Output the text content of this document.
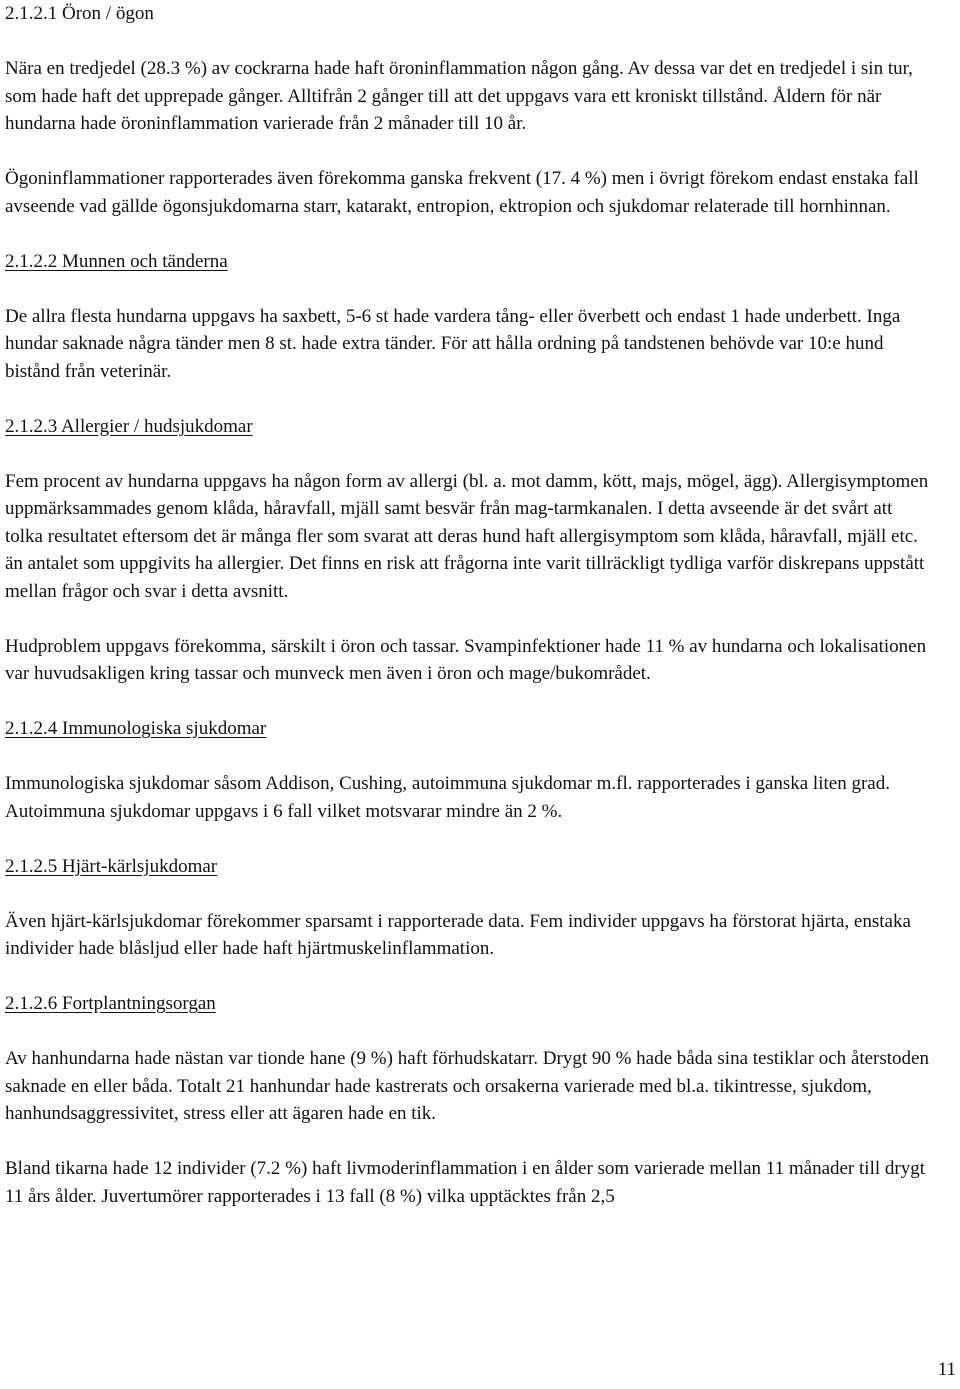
2.1.2.1 Öron / ögon

Nära en tredjedel (28.3 %) av cockrarna hade haft öroninflammation någon gång. Av dessa var det en tredjedel i sin tur, som hade haft det upprepade gånger. Alltifrån 2 gånger till att det uppgavs vara ett kroniskt tillstånd. Åldern för när hundarna hade öroninflammation varierade från 2 månader till 10 år.

Ögoninflammationer rapporterades även förekomma ganska frekvent (17. 4 %) men i övrigt förekom endast enstaka fall avseende vad gällde ögonsjukdomarna starr, katarakt, entropion, ektropion och sjukdomar relaterade till hornhinnan.

2.1.2.2 Munnen och tänderna

De allra flesta hundarna uppgavs ha saxbett, 5-6 st hade vardera tång- eller överbett och endast 1 hade underbett. Inga hundar saknade några tänder men 8 st. hade extra tänder. För att hålla ordning på tandstenen behövde var 10:e hund bistånd från veterinär.

2.1.2.3 Allergier / hudsjukdomar

Fem procent av hundarna uppgavs ha någon form av allergi (bl. a. mot damm, kött, majs, mögel, ägg). Allergisymptomen uppmärksammades genom klåda, håravfall, mjäll samt besvär från mag-tarmkanalen. I detta avseende är det svårt att tolka resultatet eftersom det är många fler som svarat att deras hund haft allergisymptom som klåda, håravfall, mjäll etc. än antalet som uppgivits ha allergier. Det finns en risk att frågorna inte varit tillräckligt tydliga varför diskrepans uppstått mellan frågor och svar i detta avsnitt.

Hudproblem uppgavs förekomma, särskilt i öron och tassar. Svampinfektioner hade 11 % av hundarna och lokalisationen var huvudsakligen kring tassar och munveck men även i öron och mage/bukområdet.

2.1.2.4 Immunologiska sjukdomar

Immunologiska sjukdomar såsom Addison, Cushing, autoimmuna sjukdomar m.fl. rapporterades i ganska liten grad. Autoimmuna sjukdomar uppgavs i 6 fall vilket motsvarar mindre än 2 %.

2.1.2.5 Hjärt-kärlsjukdomar

Även hjärt-kärlsjukdomar förekommer sparsamt i rapporterade data. Fem individer uppgavs ha förstorat hjärta, enstaka individer hade blåsljud eller hade haft hjärtmuskelinflammation.

2.1.2.6 Fortplantningsorgan

Av hanhundarna hade nästan var tionde hane (9 %) haft förhudskatarr. Drygt 90 % hade båda sina testiklar och återstoden saknade en eller båda. Totalt 21 hanhundar hade kastrerats och orsakerna varierade med bl.a. tikintresse, sjukdom, hanhundsaggressivitet, stress eller att ägaren hade en tik.

Bland tikarna hade 12 individer (7.2 %) haft livmoderinflammation i en ålder som varierade mellan 11 månader till drygt 11 års ålder. Juvertumörer rapporterades i 13 fall (8 %) vilka upptäcktes från 2,5

11
